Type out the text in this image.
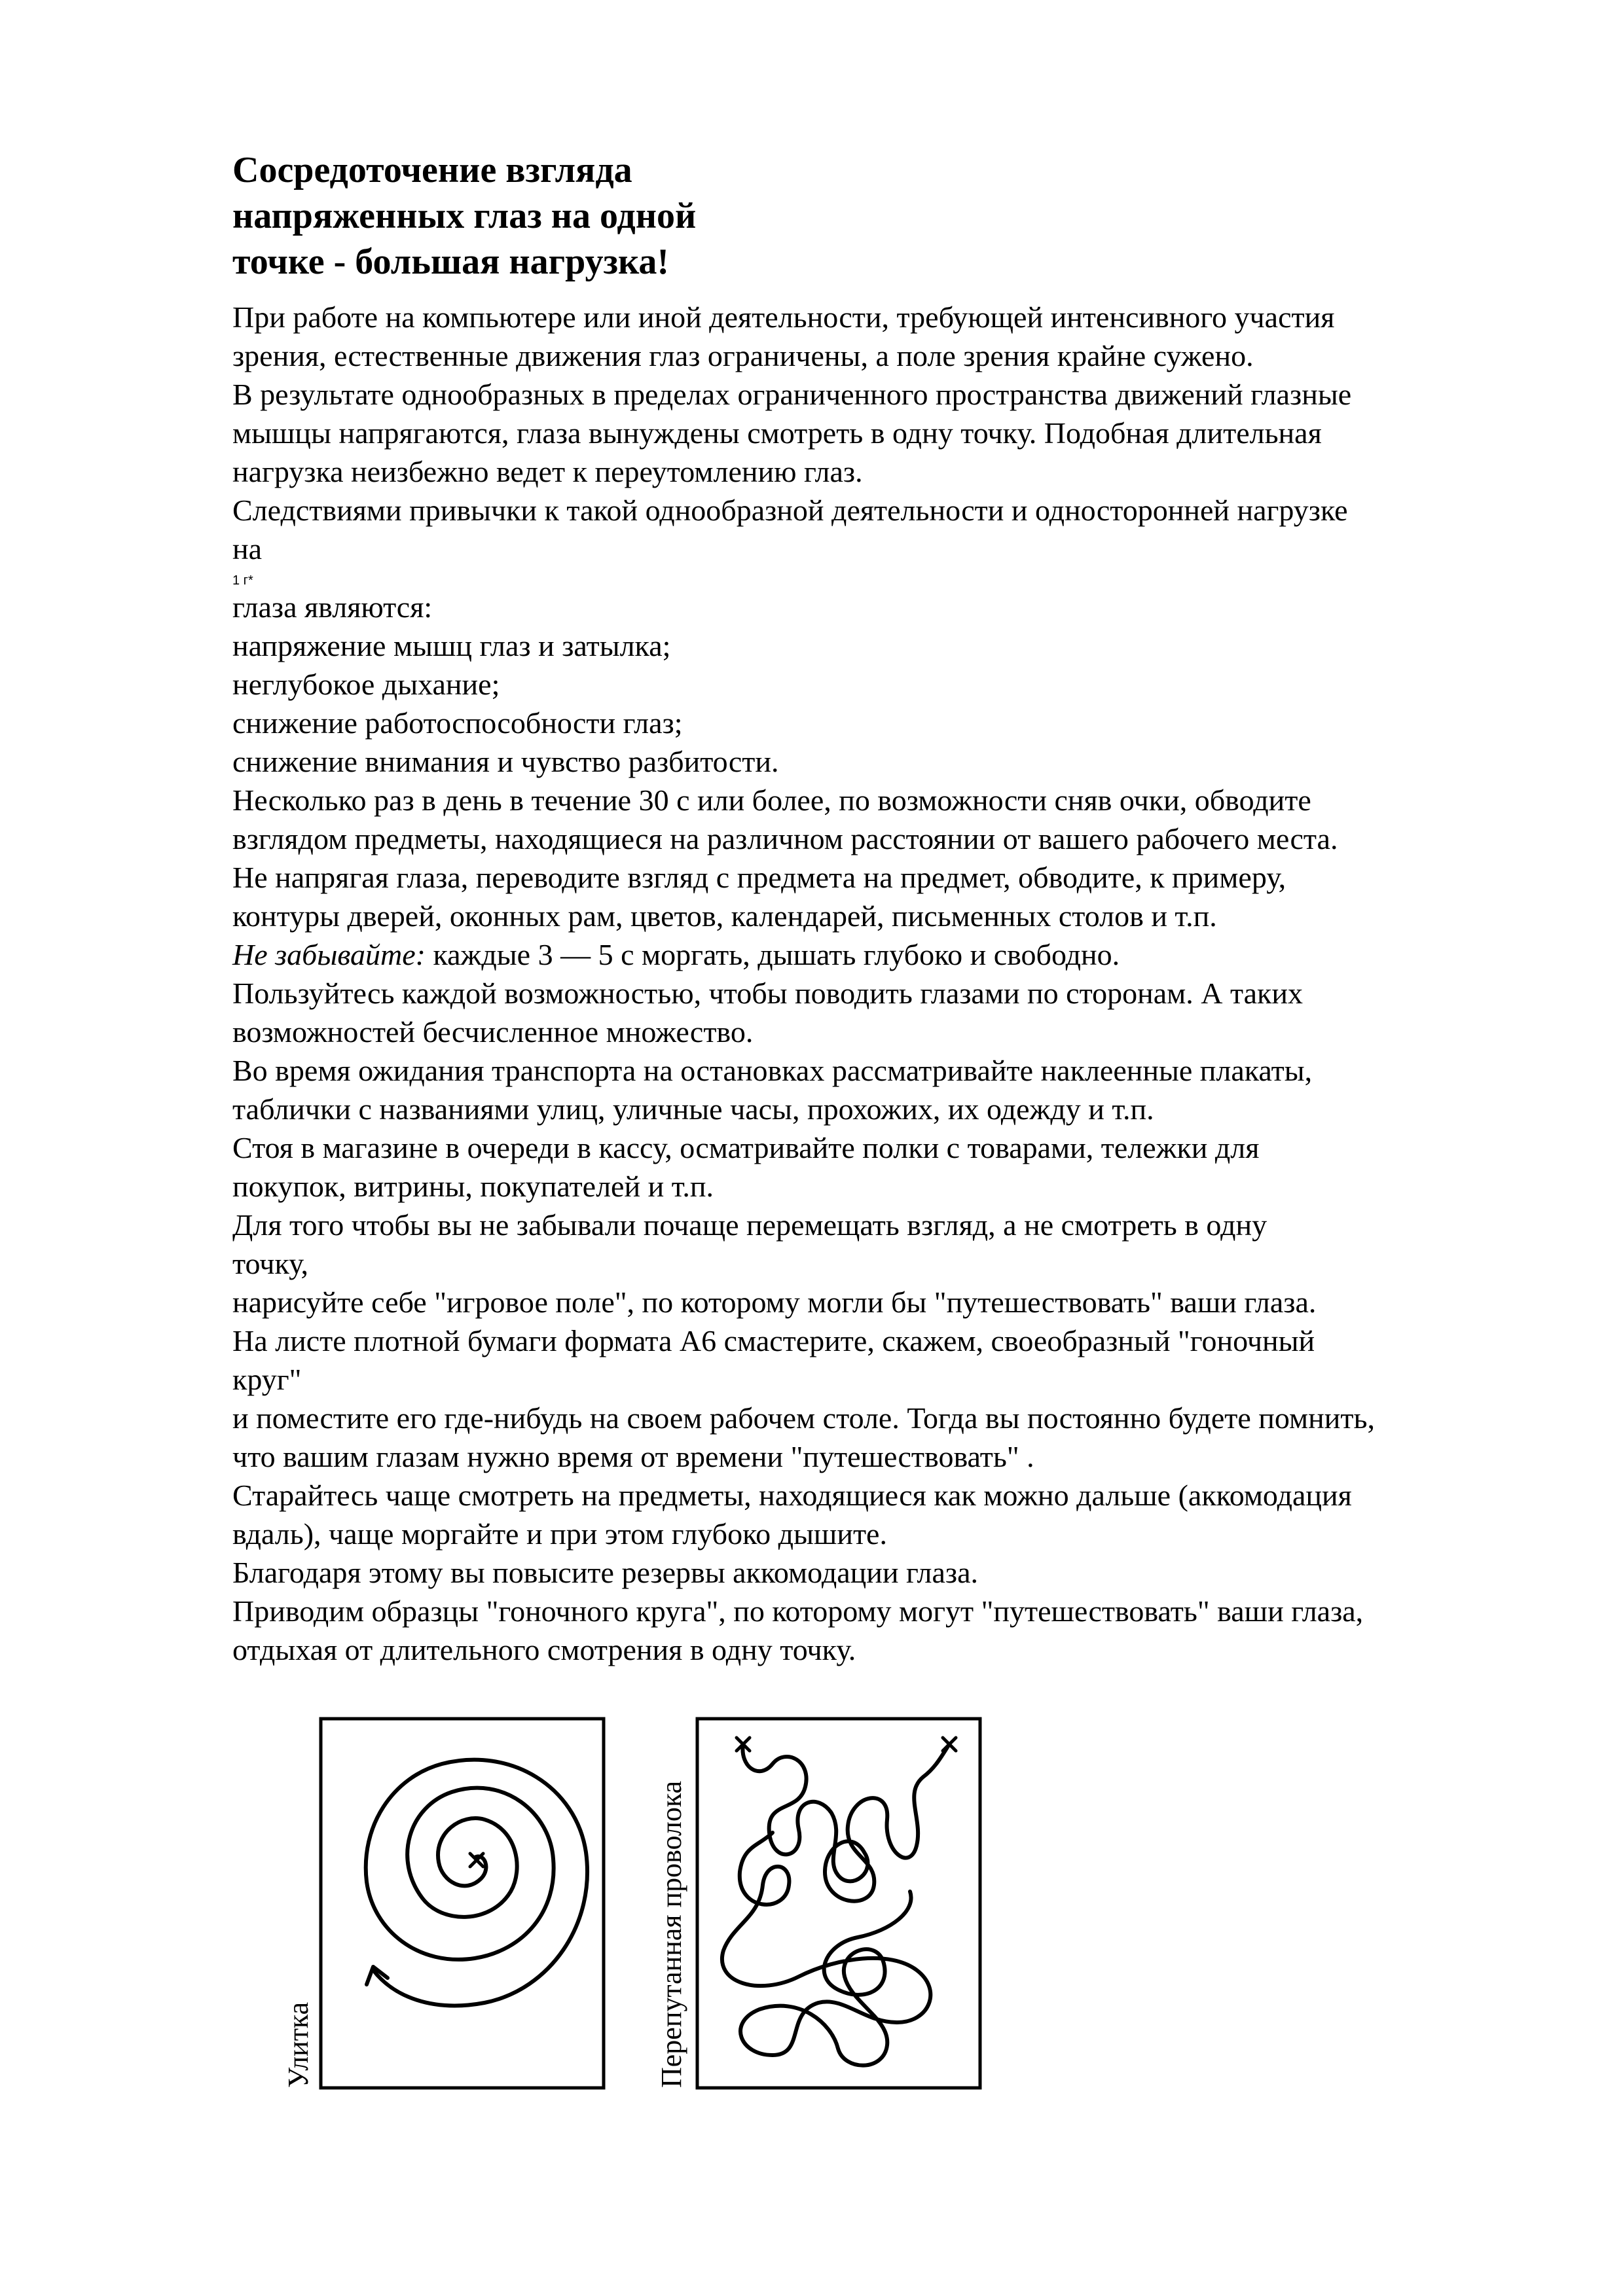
Сосредоточение взгляда
напряженных глаз на одной
точке - большая нагрузка!

При работе на компьютере или иной деятельности, требующей интенсивного участия

зрения, естественные движения глаз ограничены, а поле зрения крайне сужено.

В результате однообразных в пределах ограниченного пространства движений глазные

мышцы напрягаются, глаза вынуждены смотреть в одну точку. Подобная длительная

нагрузка неизбежно ведет к переутомлению глаз.

Следствиями привычки к такой однообразной деятельности и односторонней нагрузке

на

1 г*

глаза являются:

напряжение мышц глаз и затылка;

неглубокое дыхание;

снижение работоспособности глаз;

снижение внимания и чувство разбитости.

Несколько раз в день в течение 30 с или более, по возможности сняв очки, обводите

взглядом предметы, находящиеся на различном расстоянии от вашего рабочего места.

Не напрягая глаза, переводите взгляд с предмета на предмет, обводите, к примеру,

контуры дверей, оконных рам, цветов, календарей, письменных столов и т.п.

Не забывайте: каждые 3 — 5 с моргать, дышать глубоко и свободно.

Пользуйтесь каждой возможностью, чтобы поводить глазами по сторонам. А таких

возможностей бесчисленное множество.

Во время ожидания транспорта на остановках рассматривайте наклеенные плакаты,

таблички с названиями улиц, уличные часы, прохожих, их одежду и т.п.

Стоя в магазине в очереди в кассу, осматривайте полки с товарами, тележки для

покупок, витрины, покупателей и т.п.

Для того чтобы вы не забывали почаще перемещать взгляд, а не смотреть в одну

точку,

нарисуйте себе "игровое поле", по которому могли бы "путешествовать" ваши глаза.

На листе плотной бумаги формата А6 смастерите, скажем, своеобразный "гоночный

круг"

и поместите его где-нибудь на своем рабочем столе. Тогда вы постоянно будете помнить,

что вашим глазам нужно время от времени "путешествовать" .

Старайтесь чаще смотреть на предметы, находящиеся как можно дальше (аккомодация

вдаль), чаще моргайте и при этом глубоко дышите.

Благодаря этому вы повысите резервы аккомодации глаза.

Приводим образцы "гоночного круга", по которому могут "путешествовать" ваши глаза,

отдыхая от длительного смотрения в одну точку.

Улитка	Перепутанная проволока
